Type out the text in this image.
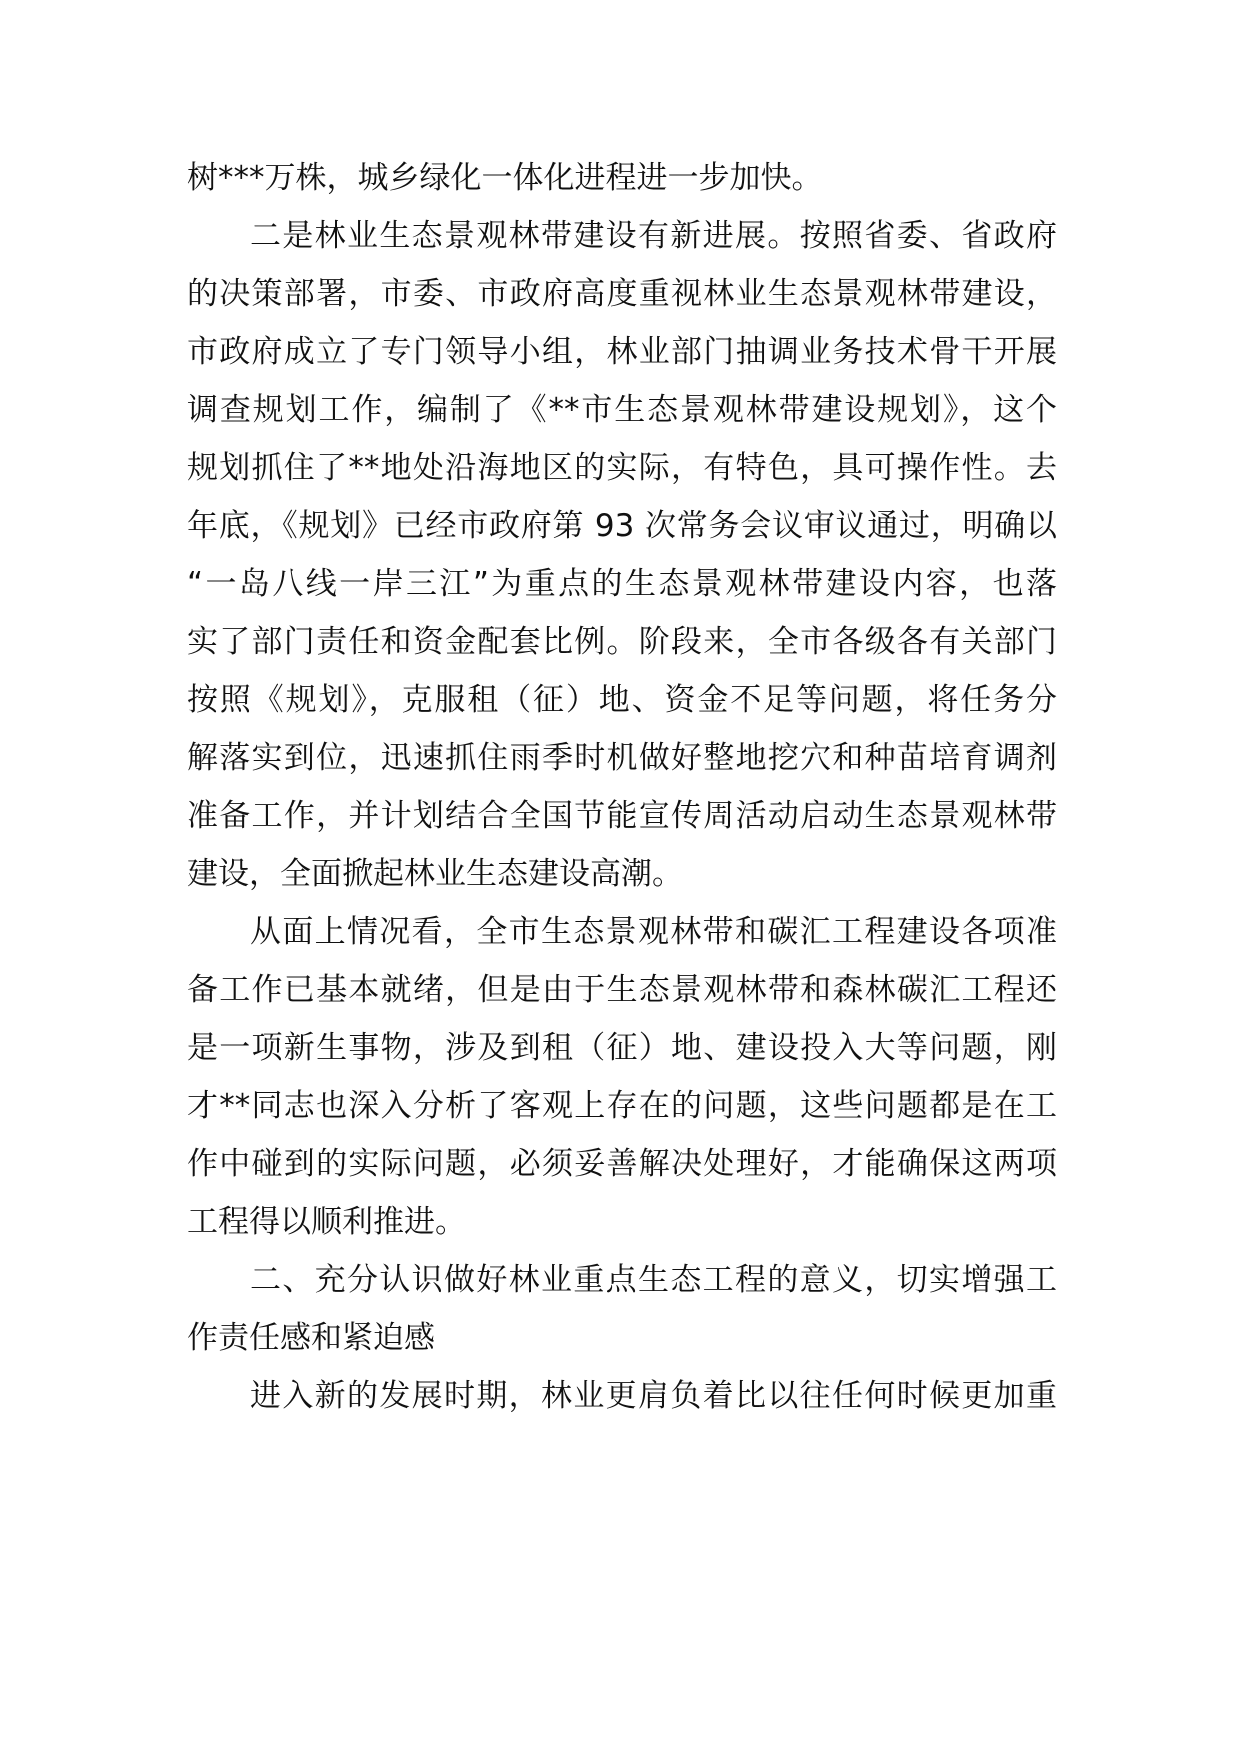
树***万株，城乡绿化一体化进程进一步加快。
二是林业生态景观林带建设有新进展。按照省委、省政府
的决策部署，市委、市政府高度重视林业生态景观林带建设，
市政府成立了专门领导小组，林业部门抽调业务技术骨干开展
调查规划工作，编制了《**市生态景观林带建设规划》，这个
规划抓住了**地处沿海地区的实际，有特色，具可操作性。去
年底，《规划》已经市政府第 93 次常务会议审议通过，明确以
“一岛八线一岸三江”为重点的生态景观林带建设内容，也落
实了部门责任和资金配套比例。阶段来，全市各级各有关部门
按照《规划》，克服租（征）地、资金不足等问题，将任务分
解落实到位，迅速抓住雨季时机做好整地挖穴和种苗培育调剂
准备工作，并计划结合全国节能宣传周活动启动生态景观林带
建设，全面掀起林业生态建设高潮。
从面上情况看，全市生态景观林带和碳汇工程建设各项准
备工作已基本就绪，但是由于生态景观林带和森林碳汇工程还
是一项新生事物，涉及到租（征）地、建设投入大等问题，刚
才**同志也深入分析了客观上存在的问题，这些问题都是在工
作中碰到的实际问题，必须妥善解决处理好，才能确保这两项
工程得以顺利推进。
二、充分认识做好林业重点生态工程的意义，切实增强工
作责任感和紧迫感
进入新的发展时期，林业更肩负着比以往任何时候更加重
